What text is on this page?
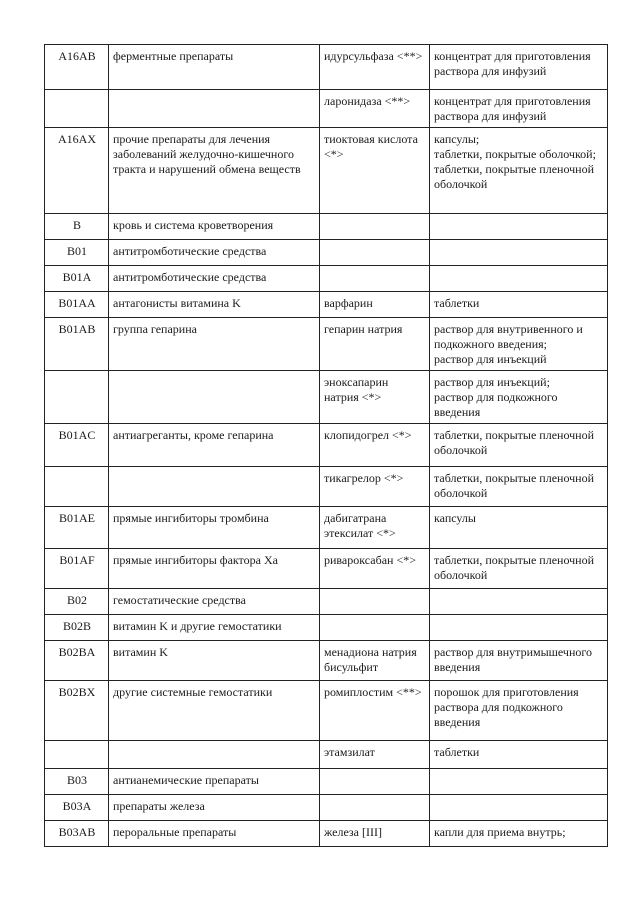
A16AB	ферментные препараты	идурсульфаза <**>	концентрат для приготовления раствора для инфузий

		ларонидаза <**>	концентрат для приготовления раствора для инфузий

A16AX	прочие препараты для лечения заболеваний желудочно-кишечного тракта и нарушений обмена веществ	тиоктовая кислота <*>	капсулы;
таблетки, покрытые оболочкой;
таблетки, покрытые пленочной оболочкой

B	кровь и система кроветворения		
B01	антитромботические средства		
B01A	антитромботические средства		
B01AA	антагонисты витамина K	варфарин	таблетки

B01AB	группа гепарина	гепарин натрия	раствор для внутривенного и подкожного введения;
раствор для инъекций

		эноксапарин натрия <*>	раствор для инъекций;
раствор для подкожного введения

B01AC	антиагреганты, кроме гепарина	клопидогрел <*>	таблетки, покрытые пленочной оболочкой

		тикагрелор <*>	таблетки, покрытые пленочной оболочкой

B01AE	прямые ингибиторы тромбина	дабигатрана этексилат <*>	капсулы

B01AF	прямые ингибиторы фактора Xa	ривароксабан <*>	таблетки, покрытые пленочной оболочкой

B02	гемостатические средства		
B02B	витамин K и другие гемостатики		
B02BA	витамин K	менадиона натрия бисульфит	раствор для внутримышечного введения

B02BX	другие системные гемостатики	ромиплостим <**>	порошок для приготовления раствора для подкожного введения

		этамзилат	таблетки

B03	антианемические препараты		
B03A	препараты железа		
B03AB	пероральные препараты	железа [III]	капли для приема внутрь;
